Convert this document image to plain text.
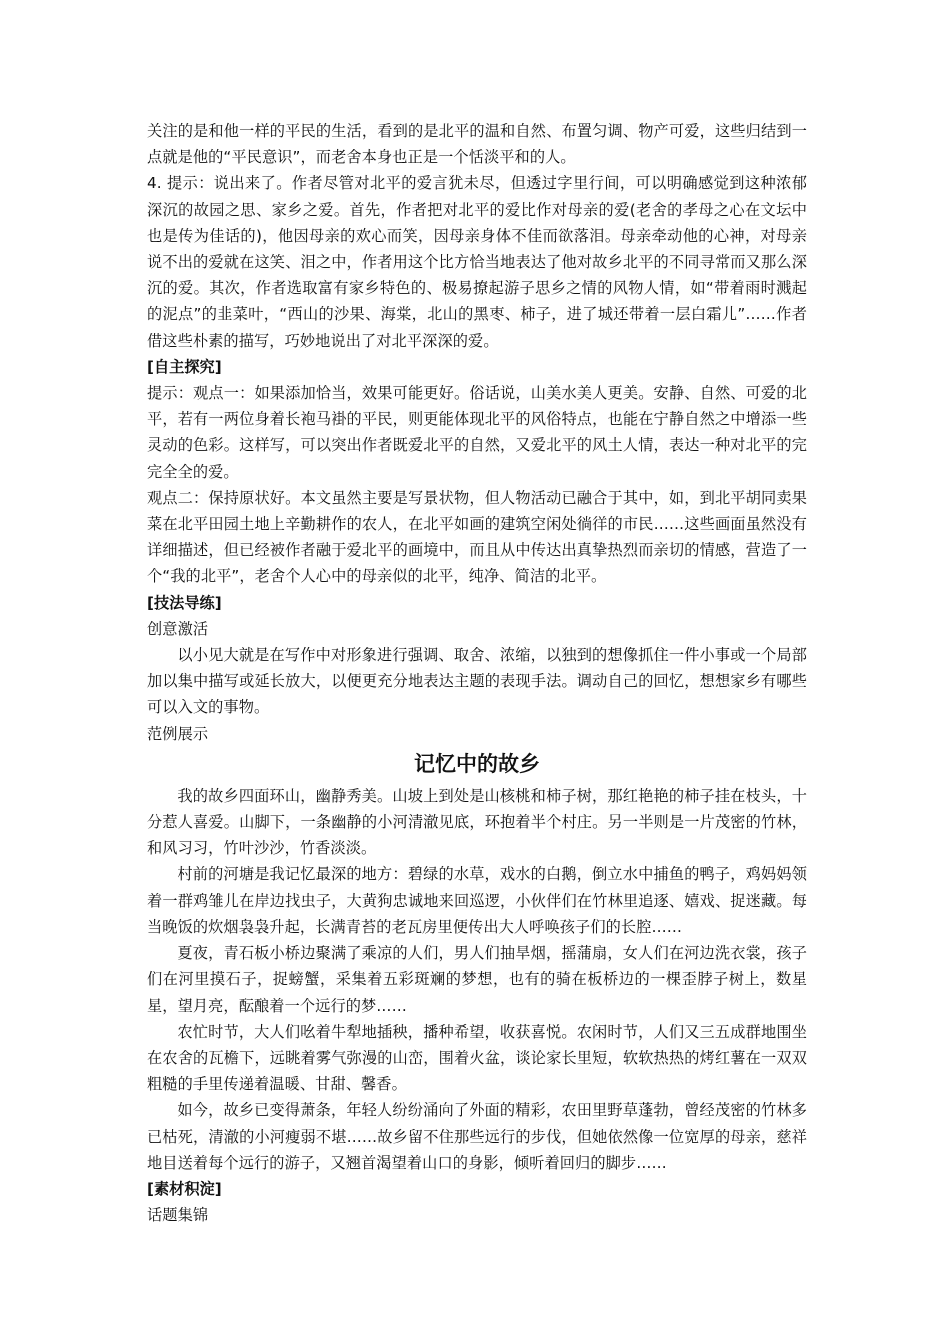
关注的是和他一样的平民的生活，看到的是北平的温和自然、布置匀调、物产可爱，这些归结到一点就是他的“平民意识”，而老舍本身也正是一个恬淡平和的人。

4. 提示：说出来了。作者尽管对北平的爱言犹未尽，但透过字里行间，可以明确感觉到这种浓郁深沉的故园之思、家乡之爱。首先，作者把对北平的爱比作对母亲的爱(老舍的孝母之心在文坛中也是传为佳话的)，他因母亲的欢心而笑，因母亲身体不佳而欲落泪。母亲牵动他的心神，对母亲说不出的爱就在这笑、泪之中，作者用这个比方恰当地表达了他对故乡北平的不同寻常而又那么深沉的爱。其次，作者选取富有家乡特色的、极易撩起游子思乡之情的风物人情，如“带着雨时溅起的泥点”的韭菜叶，“西山的沙果、海棠，北山的黑枣、柿子，进了城还带着一层白霜儿”……作者借这些朴素的描写，巧妙地说出了对北平深深的爱。

[自主探究]

提示：观点一：如果添加恰当，效果可能更好。俗话说，山美水美人更美。安静、自然、可爱的北平，若有一两位身着长袍马褂的平民，则更能体现北平的风俗特点，也能在宁静自然之中增添一些灵动的色彩。这样写，可以突出作者既爱北平的自然，又爱北平的风土人情，表达一种对北平的完完全全的爱。

观点二：保持原状好。本文虽然主要是写景状物，但人物活动已融合于其中，如，到北平胡同卖果菜在北平田园土地上辛勤耕作的农人，在北平如画的建筑空闲处徜徉的市民……这些画面虽然没有详细描述，但已经被作者融于爱北平的画境中，而且从中传达出真挚热烈而亲切的情感，营造了一个“我的北平”，老舍个人心中的母亲似的北平，纯净、简洁的北平。

[技法导练]

创意激活

以小见大就是在写作中对形象进行强调、取舍、浓缩，以独到的想像抓住一件小事或一个局部加以集中描写或延长放大，以便更充分地表达主题的表现手法。调动自己的回忆，想想家乡有哪些可以入文的事物。

范例展示

记忆中的故乡

我的故乡四面环山，幽静秀美。山坡上到处是山核桃和柿子树，那红艳艳的柿子挂在枝头，十分惹人喜爱。山脚下，一条幽静的小河清澈见底，环抱着半个村庄。另一半则是一片茂密的竹林，和风习习，竹叶沙沙，竹香淡淡。

村前的河塘是我记忆最深的地方：碧绿的水草，戏水的白鹅，倒立水中捕鱼的鸭子，鸡妈妈领着一群鸡雏儿在岸边找虫子，大黄狗忠诚地来回巡逻，小伙伴们在竹林里追逐、嬉戏、捉迷藏。每当晚饭的炊烟袅袅升起，长满青苔的老瓦房里便传出大人呼唤孩子们的长腔……

夏夜，青石板小桥边聚满了乘凉的人们，男人们抽旱烟，摇蒲扇，女人们在河边洗衣裳，孩子们在河里摸石子，捉螃蟹，采集着五彩斑斓的梦想，也有的骑在板桥边的一棵歪脖子树上，数星星，望月亮，酝酿着一个远行的梦……

农忙时节，大人们吆着牛犁地插秧，播种希望，收获喜悦。农闲时节，人们又三五成群地围坐在农舍的瓦檐下，远眺着雾气弥漫的山峦，围着火盆，谈论家长里短，软软热热的烤红薯在一双双粗糙的手里传递着温暖、甘甜、馨香。

如今，故乡已变得萧条，年轻人纷纷涌向了外面的精彩，农田里野草蓬勃，曾经茂密的竹林多已枯死，清澈的小河瘦弱不堪……故乡留不住那些远行的步伐，但她依然像一位宽厚的母亲，慈祥地目送着每个远行的游子，又翘首渴望着山口的身影，倾听着回归的脚步……

[素材积淀]

话题集锦
